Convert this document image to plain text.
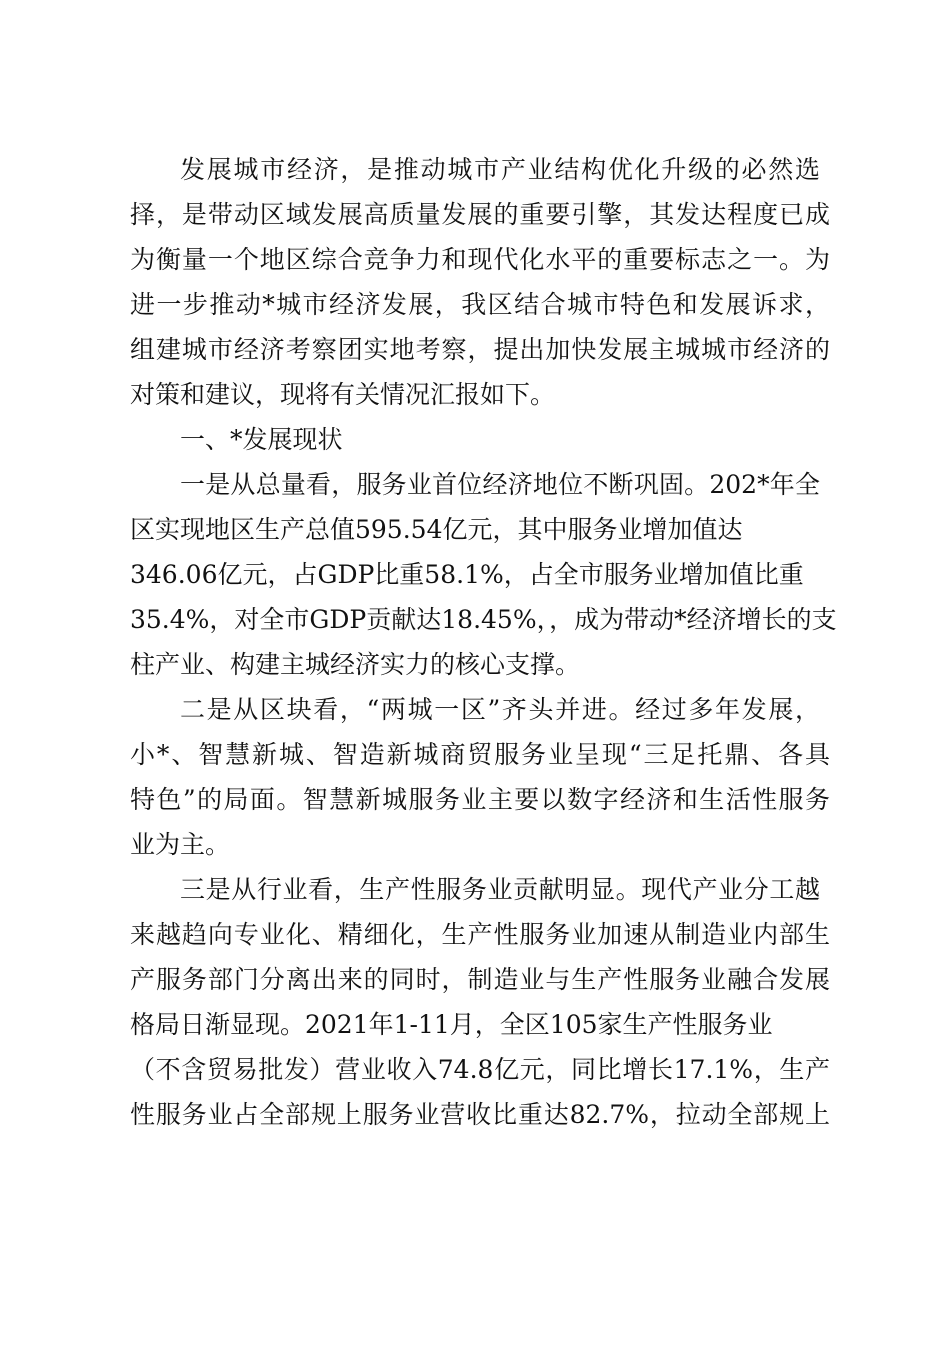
发展城市经济，是推动城市产业结构优化升级的必然选
择，是带动区域发展高质量发展的重要引擎，其发达程度已成
为衡量一个地区综合竞争力和现代化水平的重要标志之一。为
进一步推动*城市经济发展，我区结合城市特色和发展诉求，
组建城市经济考察团实地考察，提出加快发展主城城市经济的
对策和建议，现将有关情况汇报如下。
一、*发展现状
一是从总量看，服务业首位经济地位不断巩固。202*年全
区实现地区生产总值595.54亿元，其中服务业增加值达
346.06亿元，占GDP比重58.1%，占全市服务业增加值比重
35.4%，对全市GDP贡献达18.45%，，成为带动*经济增长的支
柱产业、构建主城经济实力的核心支撑。
二是从区块看，“两城一区”齐头并进。经过多年发展，
小*、智慧新城、智造新城商贸服务业呈现“三足托鼎、各具
特色”的局面。智慧新城服务业主要以数字经济和生活性服务
业为主。
三是从行业看，生产性服务业贡献明显。现代产业分工越
来越趋向专业化、精细化，生产性服务业加速从制造业内部生
产服务部门分离出来的同时，制造业与生产性服务业融合发展
格局日渐显现。2021年1-11月，全区105家生产性服务业
（不含贸易批发）营业收入74.8亿元，同比增长17.1%，生产
性服务业占全部规上服务业营收比重达82.7%，拉动全部规上
